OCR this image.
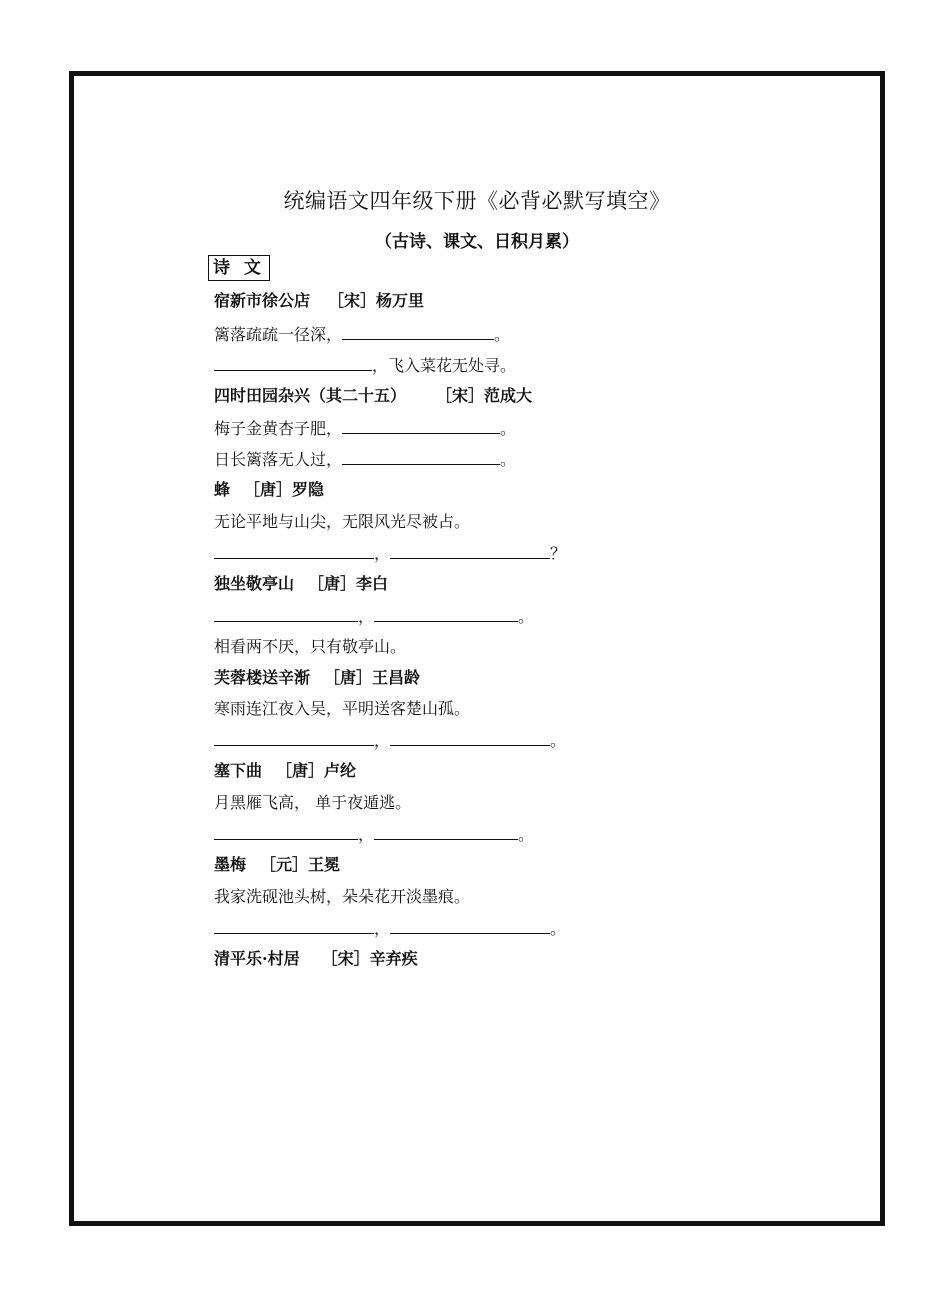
统编语文四年级下册《必背必默写填空》
（古诗、课文、日积月累）
诗 文
宿新市徐公店 ［宋］杨万里
篱落疏疏一径深，	。
，飞入菜花无处寻。
四时田园杂兴（其二十五） ［宋］范成大
梅子金黄杏子肥，	。
日长篱落无人过，	。
蜂 ［唐］罗隐
无论平地与山尖，无限风光尽被占。
，	？
独坐敬亭山 ［唐］李白
，	。
相看两不厌，只有敬亭山。
芙蓉楼送辛渐 ［唐］王昌龄
寒雨连江夜入吴，平明送客楚山孤。
，	。
塞下曲 ［唐］卢纶
月黑雁飞高， 单于夜遁逃。
，	。
墨梅 ［元］王冕
我家洗砚池头树，朵朵花开淡墨痕。
，	。
清平乐·村居 ［宋］辛弃疾
